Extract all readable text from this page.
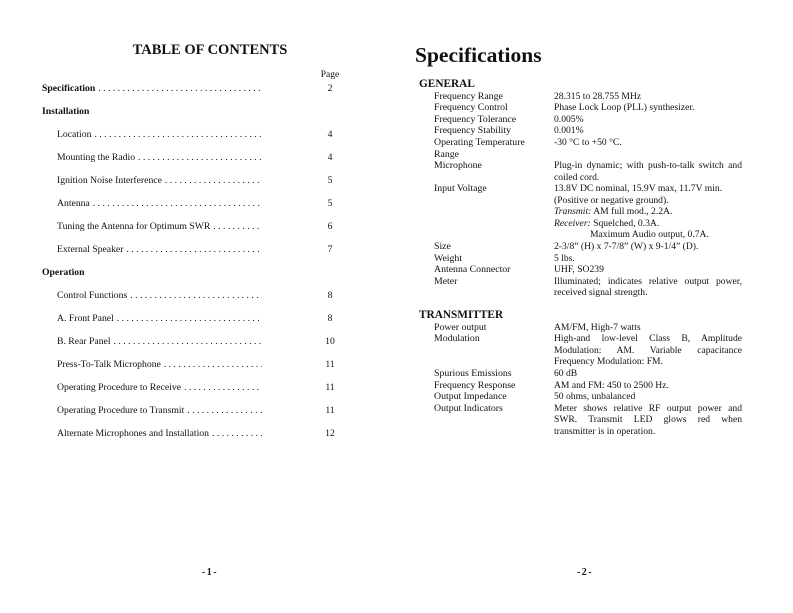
TABLE OF CONTENTS
Page
Specification . . .	2
Installation
Location . . .	4
Mounting the Radio . . .	4
Ignition Noise Interference . . .	5
Antenna . . .	5
Tuning the Antenna for Optimum SWR . . .	6
External Speaker . . .	7
Operation
Control Functions . . .	8
A. Front Panel . . .	8
B. Rear Panel . . .	10
Press-To-Talk Microphone . . .	11
Operating Procedure to Receive . . .	11
Operating Procedure to Transmit . . .	11
Alternate Microphones and Installation . . .	12
-1-
Specifications
GENERAL
Frequency Range	28.315 to 28.755 MHz
Frequency Control	Phase Lock Loop (PLL) synthesizer.
Frequency Tolerance	0.005%
Frequency Stability	0.001%
Operating Temperature	-30 °C to +50 °C.
Range
Microphone	Plug-in dynamic; with push-to-talk switch and
coiled cord.
Input Voltage	13.8V DC nominal, 15.9V max, 11.7V min.
(Positive or negative ground).
Transmit: AM full mod., 2.2A.
Receiver: Squelched, 0.3A.
Maximum Audio output, 0.7A.
Size	2-3/8” (H) x 7-7/8” (W) x 9-1/4” (D).
Weight	5 lbs.
Antenna Connector	UHF, SO239
Meter	Illuminated; indicates relative output power,
received signal strength.
TRANSMITTER
Power output	AM/FM, High-7 watts
Modulation	High-and low-level Class B, Amplitude
Modulation: AM. Variable capacitance
Frequency Modulation: FM.
Spurious Emissions	60 dB
Frequency Response	AM and FM: 450 to 2500 Hz.
Output Impedance	50 ohms, unbalanced
Output Indicators	Meter shows relative RF output power and
SWR. Transmit LED glows red when
transmitter is in operation.
-2-
